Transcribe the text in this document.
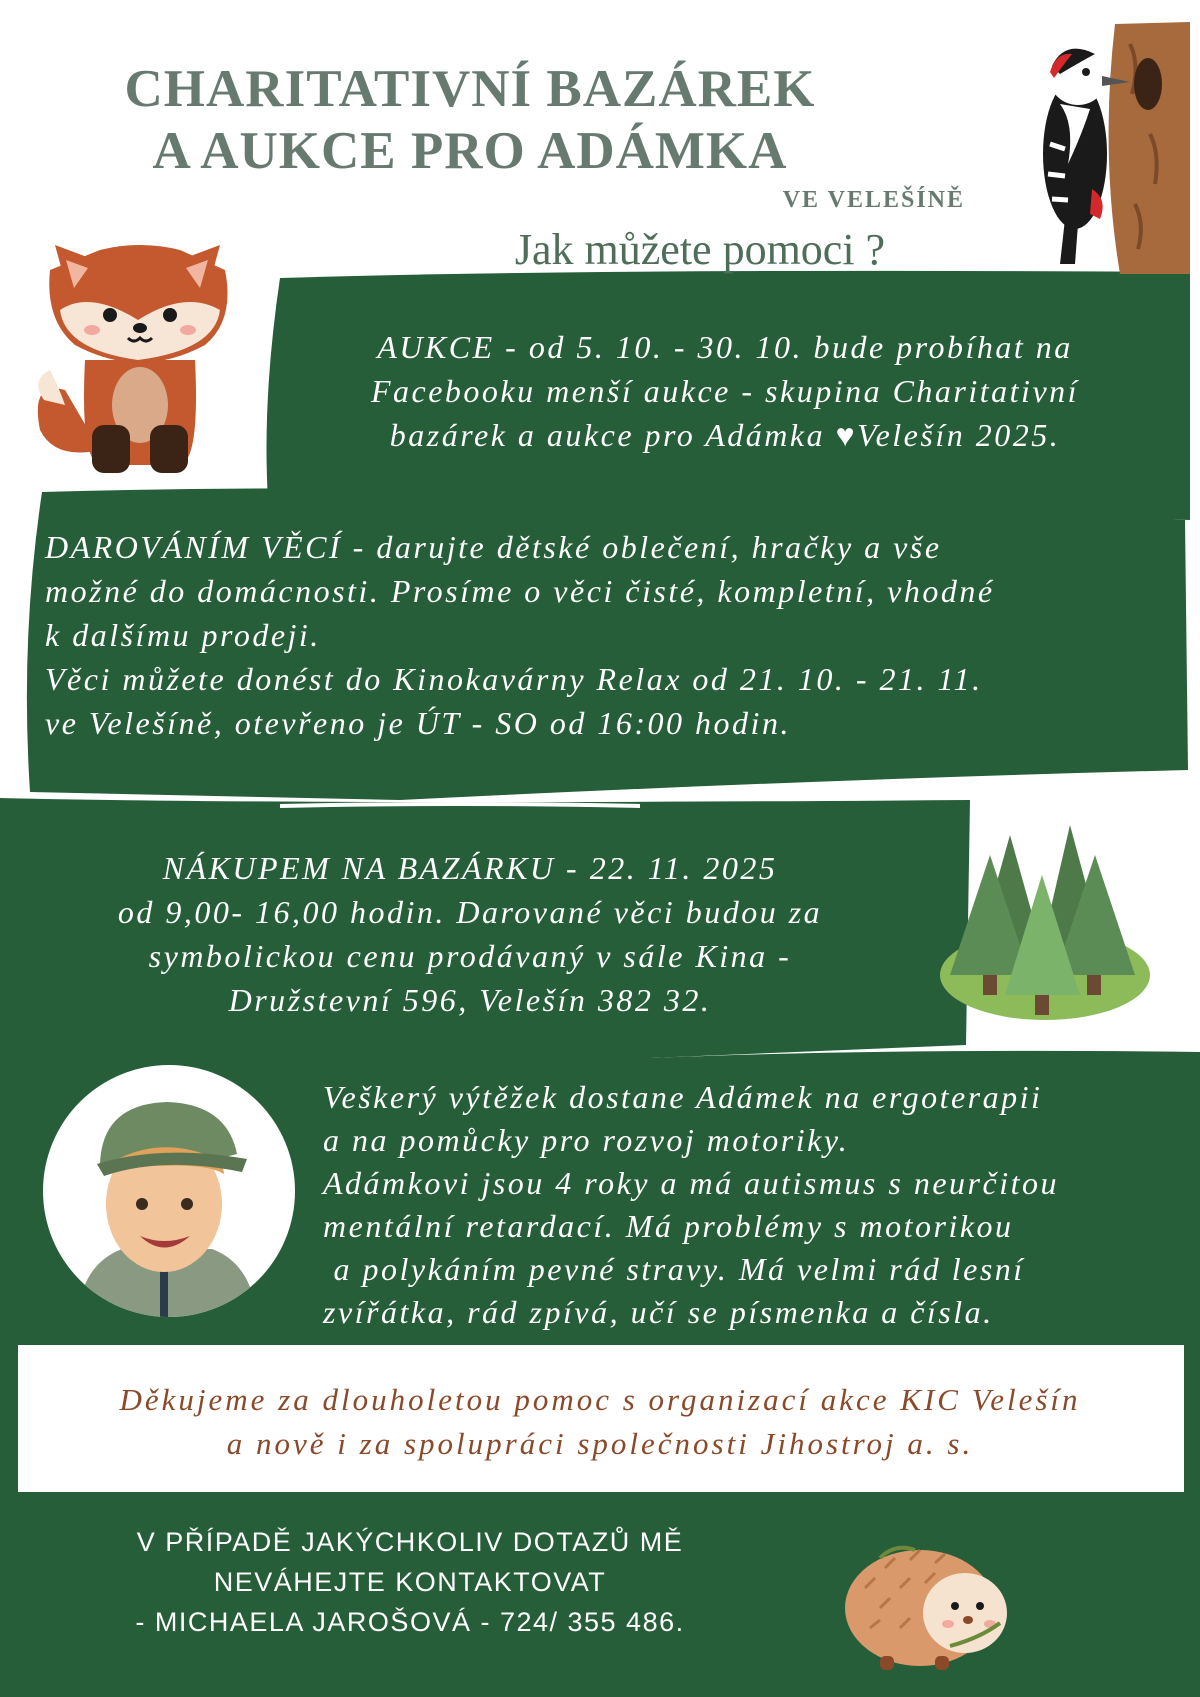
CHARITATIVNÍ BAZÁREK
A AUKCE PRO ADÁMKA
VE VELEŠÍNĚ
Jak můžete pomoci ?
AUKCE - od 5. 10. - 30. 10. bude probíhat na
Facebooku menší aukce - skupina Charitativní
bazárek a aukce pro Adámka ♥Velešín 2025.
DAROVÁNÍM VĚCÍ - darujte dětské oblečení, hračky a vše
možné do domácnosti. Prosíme o věci čisté, kompletní, vhodné
k dalšímu prodeji.
Věci můžete donést do Kinokavárny Relax od 21. 10. - 21. 11.
ve Velešíně, otevřeno je ÚT - SO od 16:00 hodin.
NÁKUPEM NA BAZÁRKU - 22. 11. 2025
od 9,00- 16,00 hodin. Darované věci budou za
symbolickou cenu prodávaný v sále Kina -
Družstevní 596, Velešín 382 32.
Veškerý výtěžek dostane Adámek na ergoterapii
a na pomůcky pro rozvoj motoriky.
Adámkovi jsou 4 roky a má autismus s neurčitou
mentální retardací. Má problémy s motorikou
a polykáním pevné stravy. Má velmi rád lesní
zvířátka, rád zpívá, učí se písmenka a čísla.
Děkujeme za dlouholetou pomoc s organizací akce KIC Velešín
a nově i za spolupráci společnosti Jihostroj a. s.
V PŘÍPADĚ JAKÝCHKOLIV DOTAZŮ MĚ
NEVÁHEJTE KONTAKTOVAT
- MICHAELA JAROŠOVÁ - 724/ 355 486.
